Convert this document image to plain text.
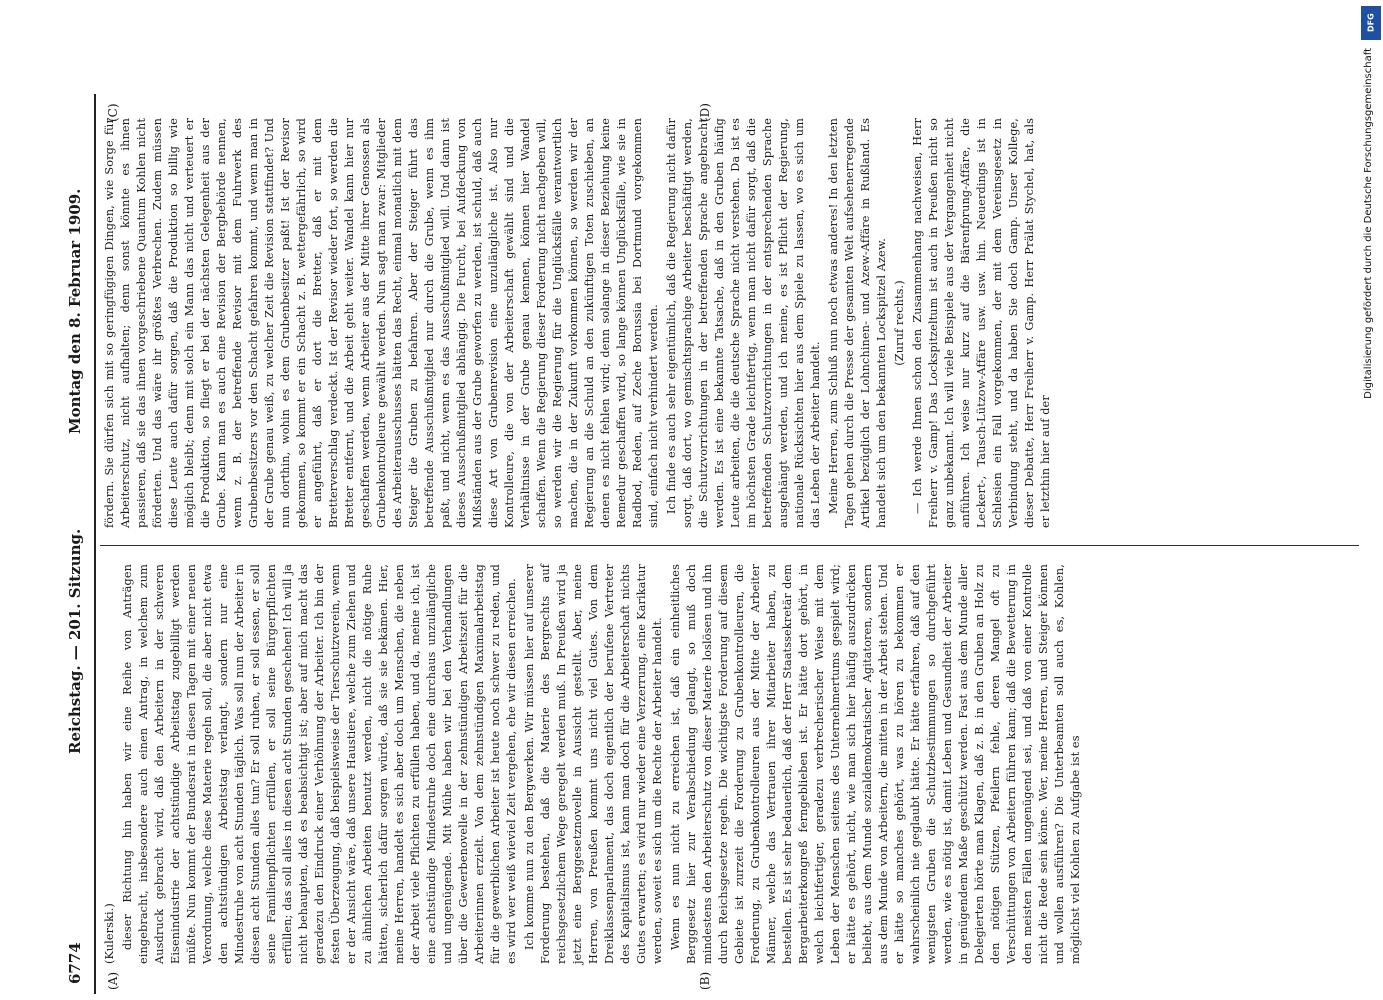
6774
Reichstag. — 201. Sitzung.
Montag den 8. Februar 1909.
(A)	(B)
(C)	(D)

(Kulerski.) dieser Richtung hin haben wir eine Reihe von Anträgen eingebracht, insbesondere auch einen Antrag, in welchem zum Ausdruck gebracht wird, daß den Arbeitern in der schweren Eisenindustrie der achtstündige Arbeitstag zugebilligt werden müßte. Nun kommt der Bundesrat in diesen Tagen mit einer neuen Verordnung, welche diese Materie regeln soll, die aber nicht etwa den achtstündigen Arbeitstag verlangt, sondern nur eine Mindestruhe von acht Stunden täglich. Was soll nun der Arbeiter in diesen acht Stunden alles tun? Er soll ruhen, er soll essen, er soll seine Familienpflichten erfüllen, er soll seine Bürgerpflichten erfüllen; das soll alles in diesen acht Stunden geschehen! Ich will ja nicht behaupten, daß es beabsichtigt ist; aber auf mich macht das geradezu den Eindruck einer Verhöhnung der Arbeiter. Ich bin der festen Überzeugung, daß beispielsweise der Tierschutzverein, wenn er der Ansicht wäre, daß unsere Haustiere, welche zum Ziehen und zu ähnlichen Arbeiten benutzt werden, nicht die nötige Ruhe hätten, sicherlich dafür sorgen würde, daß sie sie bekämen. Hier, meine Herren, handelt es sich aber doch um Menschen, die neben der Arbeit viele Pflichten zu erfüllen haben, und da, meine ich, ist eine achtstündige Mindestruhe doch eine durchaus unzulängliche und ungenügende. Mit Mühe haben wir bei den Verhandlungen über die Gewerbenovelle in der zehnstündigen Arbeitszeit für die Arbeiterinnen erzielt. Von dem zehnstündigen Maximalarbeitstag für die gewerblichen Arbeiter ist heute noch schwer zu reden, und es wird wer weiß wieviel Zeit vergehen, ehe wir diesen erreichen. Ich komme nun zu den Bergwerken. Wir müssen hier auf unserer Forderung bestehen, daß die Materie des Bergrechts auf reichsgesetzlichem Wege geregelt werden muß. In Preußen wird ja jetzt eine Berggesetznovelle in Aussicht gestellt. Aber, meine Herren, von Preußen kommt uns nicht viel Gutes. Von dem Dreiklassenparlament, das doch eigentlich der berufene Vertreter des Kapitalismus ist, kann man doch für die Arbeiterschaft nichts Gutes erwarten; es wird nur wieder eine Verzerrung, eine Karikatur werden, soweit es sich um die Rechte der Arbeiter handelt. Wenn es nun nicht zu erreichen ist, daß ein einheitliches Berggesetz hier zur Verabschiedung gelangt, so muß doch mindestens den Arbeiterschutz von dieser Materie loslösen und ihn durch Reichsgesetze regeln. Die wichtigste Forderung auf diesem Gebiete ist zurzeit die Forderung zu Grubenkontrolleuren, die Forderung, zu Grubenkontrolleuren aus der Mitte der Arbeiter Männer, welche das Vertrauen ihrer Mitarbeiter haben, zu bestellen. Es ist sehr bedauerlich, daß der Herr Staatssekretär dem Bergarbeiterkongreß ferngeblieben ist. Er hätte dort gehört, in welch leichtfertiger, geradezu verbrecherischer Weise mit dem Leben der Menschen seitens des Unternehmertums gespielt wird; er hätte es gehört, nicht, wie man sich hier häufig auszudrücken beliebt, aus dem Munde sozialdemokratischer Agitatoren, sondern aus dem Munde von Arbeitern, die mitten in der Arbeit stehen. Und er hätte so manches gehört, was zu hören zu bekommen er wahrscheinlich nie geglaubt hätte. Er hätte erfahren, daß auf den wenigsten Gruben die Schutzbestimmungen so durchgeführt werden, wie es nötig ist, damit Leben und Gesundheit der Arbeiter in genügendem Maße geschützt werden. Fast aus dem Munde aller Delegierten hörte man Klagen, daß z. B. in den Gruben an Holz zu den nötigen Stützen, Pfeilern fehle, deren Mangel oft zu Verschüttungen von Arbeitern führen kann; daß die Bewetterung in den meisten Fällen ungenügend sei, und daß von einer Kontrolle nicht die Rede sein könne. Wer, meine Herren, und Steiger können und wollen ausführen? Die Unterbeamten soll auch es, Kohlen, möglichst viel Kohlen zu Aufgabe ist es

fördern. Sie dürfen sich mit so geringfügigen Dingen, wie Sorge für Arbeiterschutz, nicht aufhalten; denn sonst könnte es ihnen passieren, daß sie das ihnen vorgeschriebene Quantum Kohlen nicht förderten. Und das wäre ihr größtes Verbrechen. Zudem müssen diese Leute auch dafür sorgen, daß die Produktion so billig wie möglich bleibt; denn mit solch ein Mann das nicht und verteuert er die Produktion, so fliegt er bei der nächsten Gelegenheit aus der Grube. Kann man es auch eine Revision der Bergbehörde nennen, wenn z. B. der betreffende Revisor mit dem Fuhrwerk des Grubenbesitzers vor den Schacht gefahren kommt, und wenn man in der Grube genau weiß, zu welcher Zeit die Revision stattfindet? Und nun dorthin, wohin es dem Grubenbesitzer paßt! Ist der Revisor gekommen, so kommt er ein Schacht z. B. wettergefährlich, so wird er angeführt, daß er dort die Bretter, daß er mit dem Bretterverschlag verdeckt. Ist der Revisor wieder fort, so werden die Bretter entfernt, und die Arbeit geht weiter. Wandel kann hier nur geschaffen werden, wenn Arbeiter aus der Mitte ihrer Genossen als Grubenkontrolleure gewählt werden. Nun sagt man zwar: Mitglieder des Arbeiterausschusses hätten das Recht, einmal monatlich mit dem Steiger die Gruben zu befahren. Aber der Steiger führt das betreffende Ausschußmitglied nur durch die Grube, wenn es ihm paßt, und nicht, wenn es das Ausschußmitglied will. Und dann ist dieses Ausschußmitglied abhängig. Die Furcht, bei Aufdeckung von Mißständen aus der Grube geworfen zu werden, ist schuld, daß auch diese Art von Grubenrevision eine unzulängliche ist. Also nur Kontrolleure, die von der Arbeiterschaft gewählt sind und die Verhältnisse in der Grube genau kennen, können hier Wandel schaffen. Wenn die Regierung dieser Forderung nicht nachgeben will, so werden wir die Regierung für die Unglücksfälle verantwortlich machen, die in der Zukunft vorkommen können, so werden wir der Regierung an die Schuld an den zukünftigen Toten zuschieben, an denen es nicht fehlen wird; denn solange in dieser Beziehung keine Remedur geschaffen wird, so lange können Unglücksfälle, wie sie in Radbod, Reden, auf Zeche Borussia bei Dortmund vorgekommen sind, einfach nicht verhindert werden. Ich finde es auch sehr eigentümlich, daß die Regierung nicht dafür sorgt, daß dort, wo gemischtsprachige Arbeiter beschäftigt werden, die Schutzvorrichtungen in der betreffenden Sprache angebracht werden. Es ist eine bekannte Tatsache, daß in den Gruben häufig Leute arbeiten, die die deutsche Sprache nicht verstehen. Da ist es im höchsten Grade leichtfertig, wenn man nicht dafür sorgt, daß die betreffenden Schutzvorrichtungen in der entsprechenden Sprache ausgehängt werden, und ich meine, es ist Pflicht der Regierung, nationale Rücksichten hier aus dem Spiele zu lassen, wo es sich um das Leben der Arbeiter handelt. Meine Herren, zum Schluß nun noch etwas anderes! In den letzten Tagen gehen durch die Presse der gesamten Welt aufsehenerregende Artikel bezüglich der Lohnchinen- und Azew-Affäre in Rußland. Es handelt sich um den bekannten Lockspitzel Azew. (Zuruf rechts.) — Ich werde Ihnen schon den Zusammenhang nachweisen, Herr Freiherr v. Gamp! Das Lockspitzeltum ist auch in Preußen nicht so ganz unbekannt. Ich will viele Beispiele aus der Vergangenheit nicht anführen. Ich weise nur kurz auf die Bärenfprung-Affäre, die Leckert-, Tausch-Lützow-Affäre usw. usw. hin. Neuerdings ist in Schlesien ein Fall vorgekommen, der mit dem Vereinsgesetz in Verbindung steht, und da haben Sie doch Gamp. Unser Kollege, dieser Debatte, Herr Freiherr v. Gamp. Herr Prälat Stychel, hat, als er letzthin hier auf der

DFG
Digitalisierung gefördert durch die Deutsche Forschungsgemeinschaft
